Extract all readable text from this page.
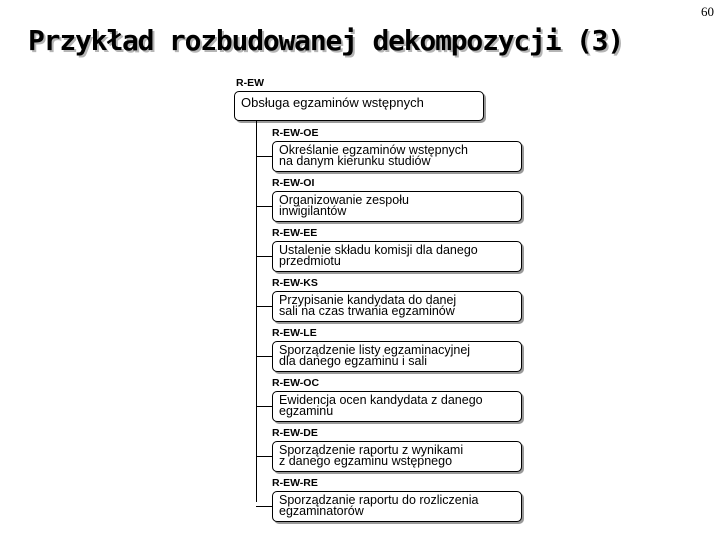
60
Przykład rozbudowanej dekompozycji (3)
R-EW
Obsługa egzaminów wstępnych
R-EW-OE
Określanie egzaminów wstępnych
na danym kierunku studiów
R-EW-OI
Organizowanie zespołu
inwigilantów
R-EW-EE
Ustalenie składu komisji dla danego
przedmiotu
R-EW-KS
Przypisanie kandydata do danej
sali na czas trwania egzaminów
R-EW-LE
Sporządzenie listy egzaminacyjnej
dla danego egzaminu i sali
R-EW-OC
Ewidencja ocen kandydata z danego
egzaminu
R-EW-DE
Sporządzenie raportu z wynikami
z danego egzaminu wstępnego
R-EW-RE
Sporządzanie raportu do rozliczenia
egzaminatorów
